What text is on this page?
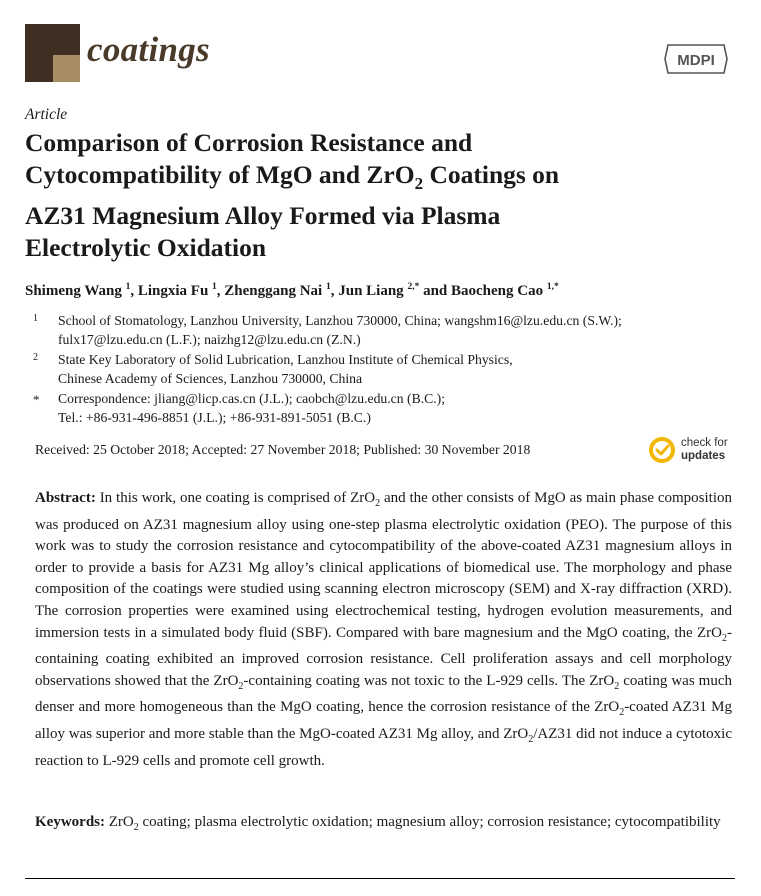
coatings	MDPI
Article
Comparison of Corrosion Resistance and
Cytocompatibility of MgO and ZrO$_2$ Coatings on
AZ31 Magnesium Alloy Formed via Plasma
Electrolytic Oxidation
Shimeng Wang $^1$, Lingxia Fu $^1$, Zhenggang Nai $^1$, Jun Liang $^{2,*}$ and Baocheng Cao $^{1,*}$
1 School of Stomatology, Lanzhou University, Lanzhou 730000, China; wangshm16@lzu.edu.cn (S.W.);
fulx17@lzu.edu.cn (L.F.); naizhg12@lzu.edu.cn (Z.N.)
2 State Key Laboratory of Solid Lubrication, Lanzhou Institute of Chemical Physics,
Chinese Academy of Sciences, Lanzhou 730000, China
* Correspondence: jliang@licp.cas.cn (J.L.); caobch@lzu.edu.cn (B.C.);
Tel.: +86-931-496-8851 (J.L.); +86-931-891-5051 (B.C.)
Received: 25 October 2018; Accepted: 27 November 2018; Published: 30 November 2018	check for
updates

Abstract: In this work, one coating is comprised of ZrO$_2$ and the other consists of MgO as main phase composition was produced on AZ31 magnesium alloy using one-step plasma electrolytic oxidation (PEO). The purpose of this work was to study the corrosion resistance and cytocompatibility of the above-coated AZ31 magnesium alloys in order to provide a basis for AZ31 Mg alloy’s clinical applications of biomedical use. The morphology and phase composition of the coatings were studied using scanning electron microscopy (SEM) and X-ray diffraction (XRD). The corrosion properties were examined using electrochemical testing, hydrogen evolution measurements, and immersion tests in a simulated body fluid (SBF). Compared with bare magnesium and the MgO coating, the ZrO$_2$-containing coating exhibited an improved corrosion resistance. Cell proliferation assays and cell morphology observations showed that the ZrO$_2$-containing coating was not toxic to the L-929 cells. The ZrO$_2$ coating was much denser and more homogeneous than the MgO coating, hence the corrosion resistance of the ZrO$_2$-coated AZ31 Mg alloy was superior and more stable than the MgO-coated AZ31 Mg alloy, and ZrO$_2$/AZ31 did not induce a cytotoxic reaction to L-929 cells and promote cell growth.

Keywords: ZrO$_2$ coating; plasma electrolytic oxidation; magnesium alloy; corrosion resistance; cytocompatibility
